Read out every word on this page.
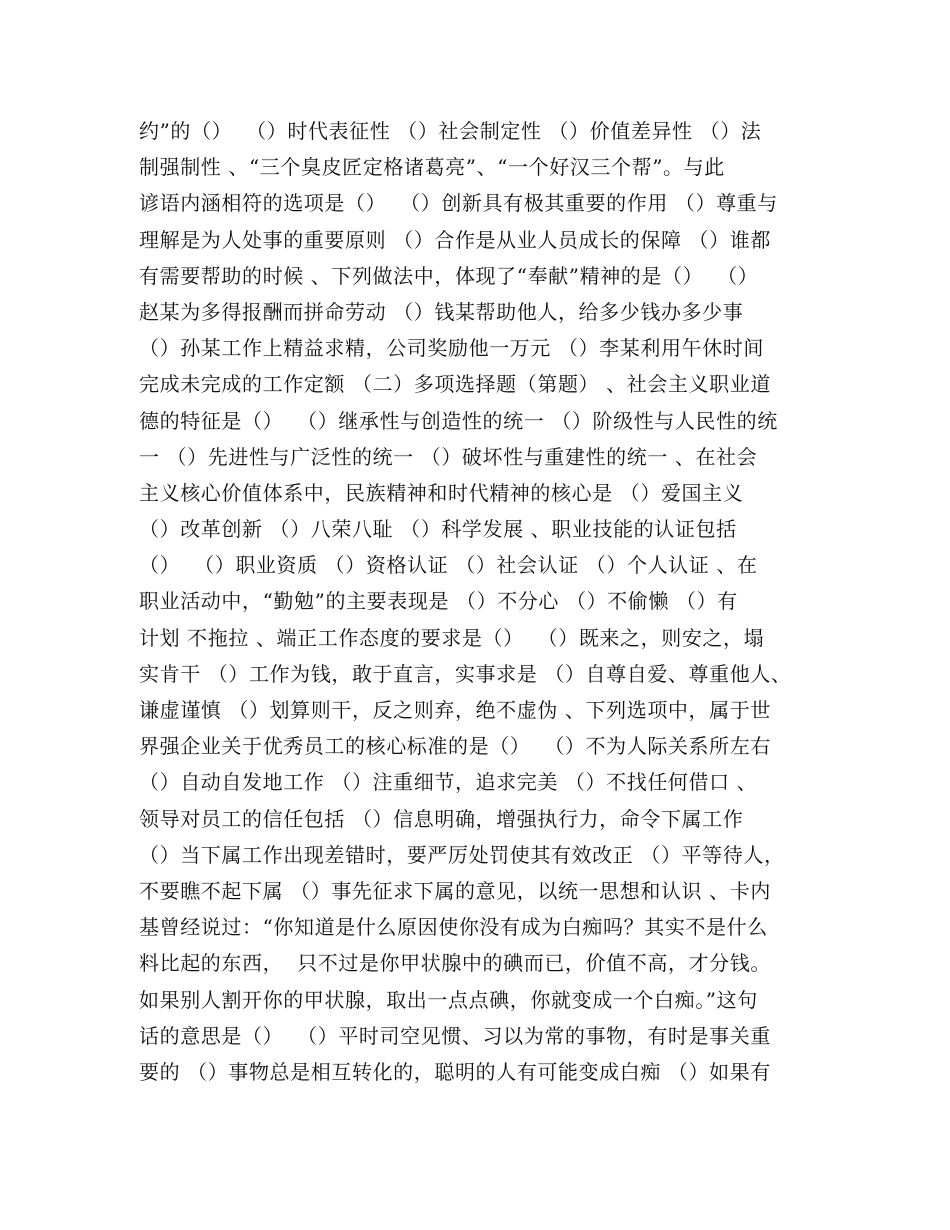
约”的（）  （）时代表征性 （）社会制定性 （）价值差异性 （）法
制强制性 、“三个臭皮匠定格诸葛亮”、“一个好汉三个帮”。与此
谚语内涵相符的选项是（）  （）创新具有极其重要的作用 （）尊重与
理解是为人处事的重要原则 （）合作是从业人员成长的保障 （）谁都
有需要帮助的时候 、下列做法中，体现了“奉献”精神的是（）  （）
赵某为多得报酬而拼命劳动 （）钱某帮助他人，给多少钱办多少事
（）孙某工作上精益求精，公司奖励他一万元 （）李某利用午休时间
完成未完成的工作定额 （二）多项选择题（第题） 、社会主义职业道
德的特征是（）  （）继承性与创造性的统一 （）阶级性与人民性的统
一 （）先进性与广泛性的统一 （）破坏性与重建性的统一 、在社会
主义核心价值体系中，民族精神和时代精神的核心是 （）爱国主义
（）改革创新 （）八荣八耻 （）科学发展 、职业技能的认证包括
（）  （）职业资质 （）资格认证 （）社会认证 （）个人认证 、在
职业活动中，“勤勉”的主要表现是 （）不分心 （）不偷懒 （）有
计划 不拖拉 、端正工作态度的要求是（）  （）既来之，则安之，塌
实肯干 （）工作为钱，敢于直言，实事求是 （）自尊自爱、尊重他人、
谦虚谨慎 （）划算则干，反之则弃，绝不虚伪 、下列选项中，属于世
界强企业关于优秀员工的核心标准的是（）  （）不为人际关系所左右
（）自动自发地工作 （）注重细节，追求完美 （）不找任何借口 、
领导对员工的信任包括 （）信息明确，增强执行力，命令下属工作
（）当下属工作出现差错时，要严厉处罚使其有效改正 （）平等待人，
不要瞧不起下属 （）事先征求下属的意见，以统一思想和认识 、卡内
基曾经说过：“你知道是什么原因使你没有成为白痴吗？其实不是什么
料比起的东西，  只不过是你甲状腺中的碘而已，价值不高，才分钱。
如果别人割开你的甲状腺，取出一点点碘，你就变成一个白痴。”这句
话的意思是（）  （）平时司空见惯、习以为常的事物，有时是事关重
要的 （）事物总是相互转化的，聪明的人有可能变成白痴 （）如果有
